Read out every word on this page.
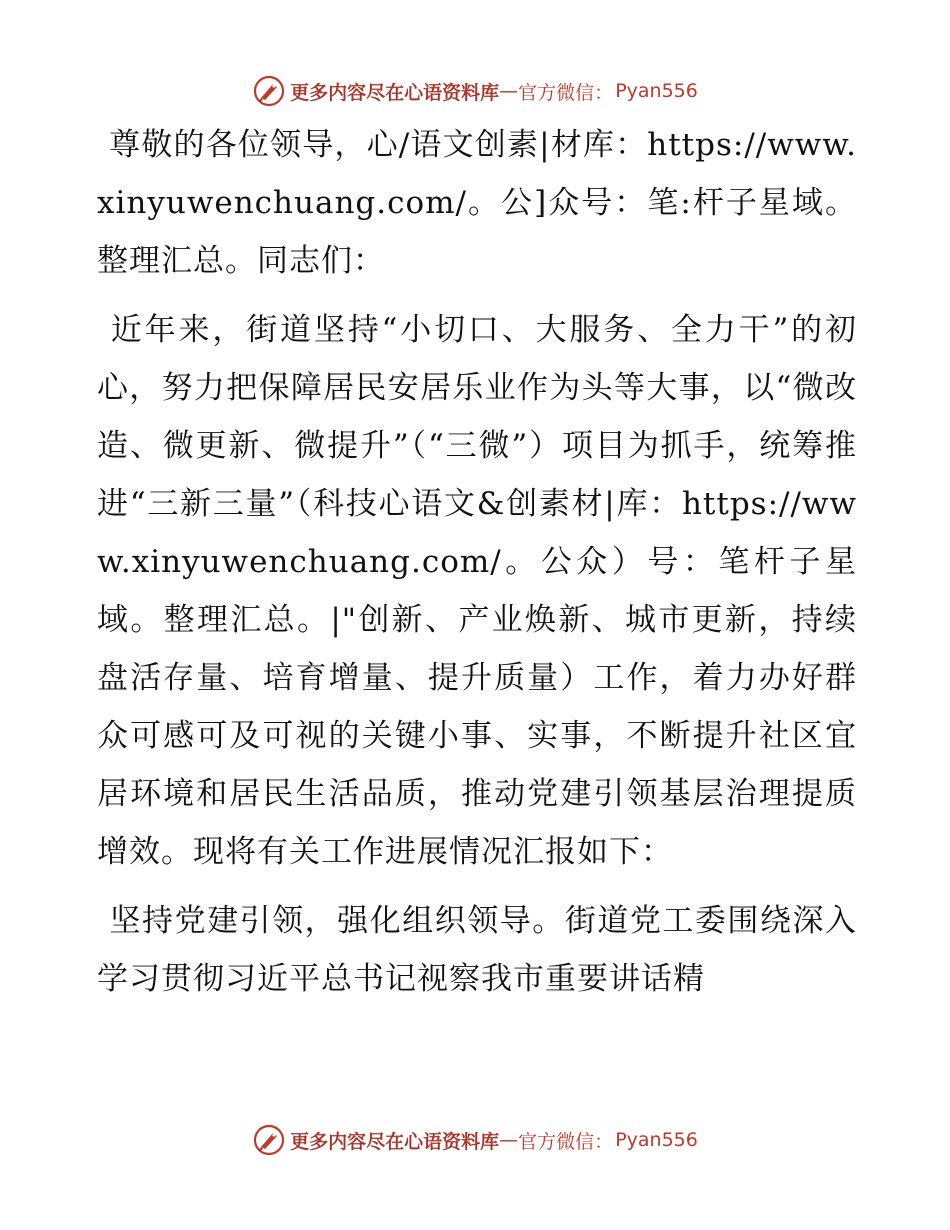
更多内容尽在心语资料库 — 官方微信： Pyan556

尊敬的各位领导，心/语文创素|材库：https://www.xinyuwenchuang.com/。公]众号：笔:杆子星域。整理汇总。同志们：

近年来，街道坚持“小切口、大服务、全力干”的初心，努力把保障居民安居乐业作为头等大事，以“微改造、微更新、微提升”（“三微”）项目为抓手，统筹推进“三新三量”（科技心语文&创素材|库：https://www.xinyuwenchuang.com/。公众）号：笔杆子星域。整理汇总。|"创新、产业焕新、城市更新，持续盘活存量、培育增量、提升质量）工作，着力办好群众可感可及可视的关键小事、实事，不断提升社区宜居环境和居民生活品质，推动党建引领基层治理提质增效。现将有关工作进展情况汇报如下：

坚持党建引领，强化组织领导。街道党工委围绕深入学习贯彻习近平总书记视察我市重要讲话精

更多内容尽在心语资料库 — 官方微信： Pyan556
